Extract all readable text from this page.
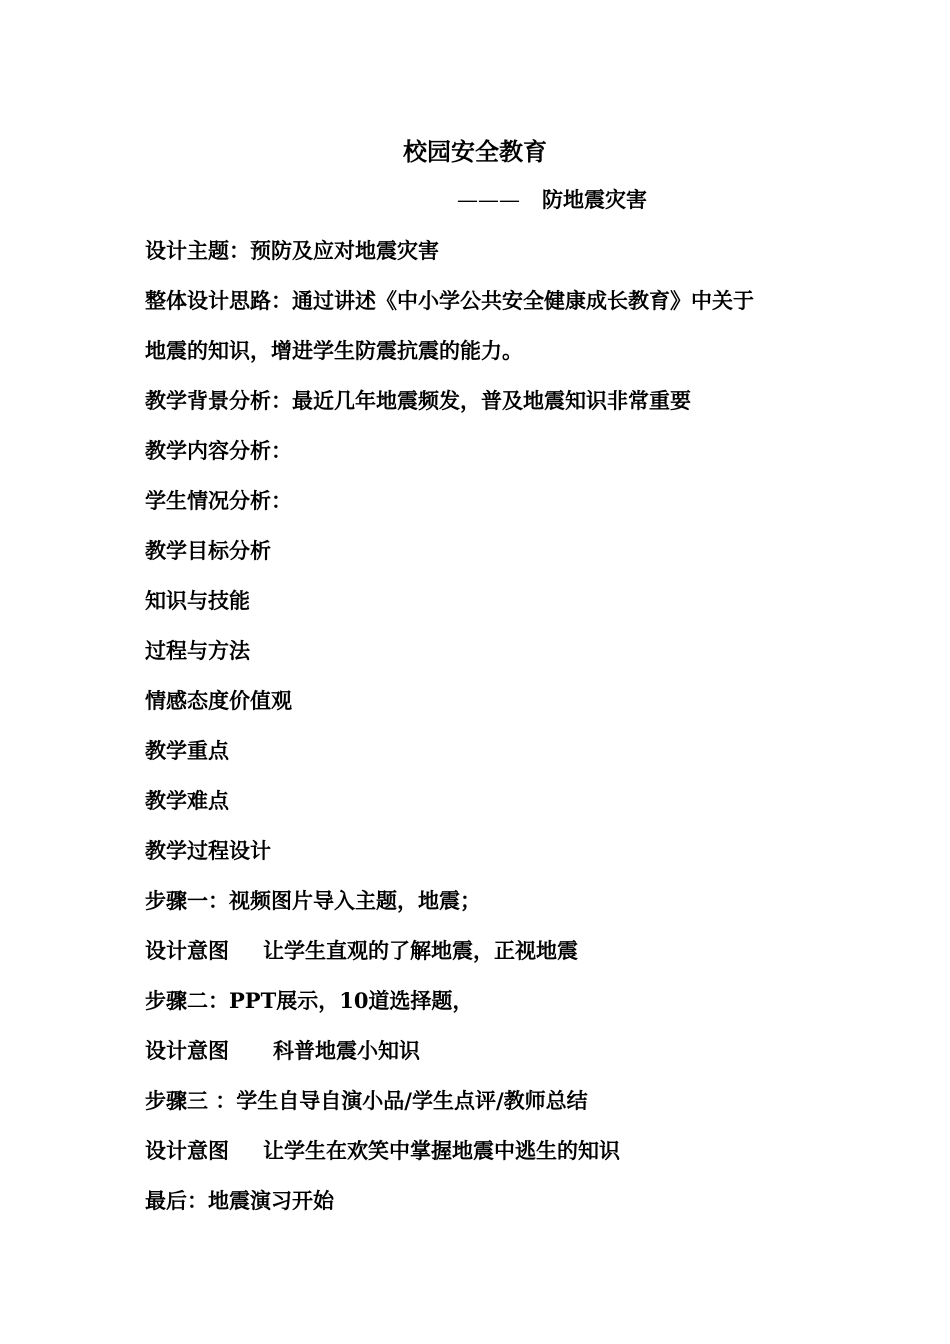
校园安全教育
——— 防地震灾害
设计主题：预防及应对地震灾害
整体设计思路：通过讲述《中小学公共安全健康成长教育》中关于
地震的知识，增进学生防震抗震的能力。
教学背景分析：最近几年地震频发，普及地震知识非常重要
教学内容分析：
学生情况分析：
教学目标分析
知识与技能
过程与方法
情感态度价值观
教学重点
教学难点
教学过程设计
步骤一：视频图片导入主题，地震；
设计意图 让学生直观的了解地震，正视地震
步骤二：PPT展示，10道选择题，
设计意图 科普地震小知识
步骤三 ：学生自导自演小品/学生点评/教师总结
设计意图 让学生在欢笑中掌握地震中逃生的知识
最后：地震演习开始
